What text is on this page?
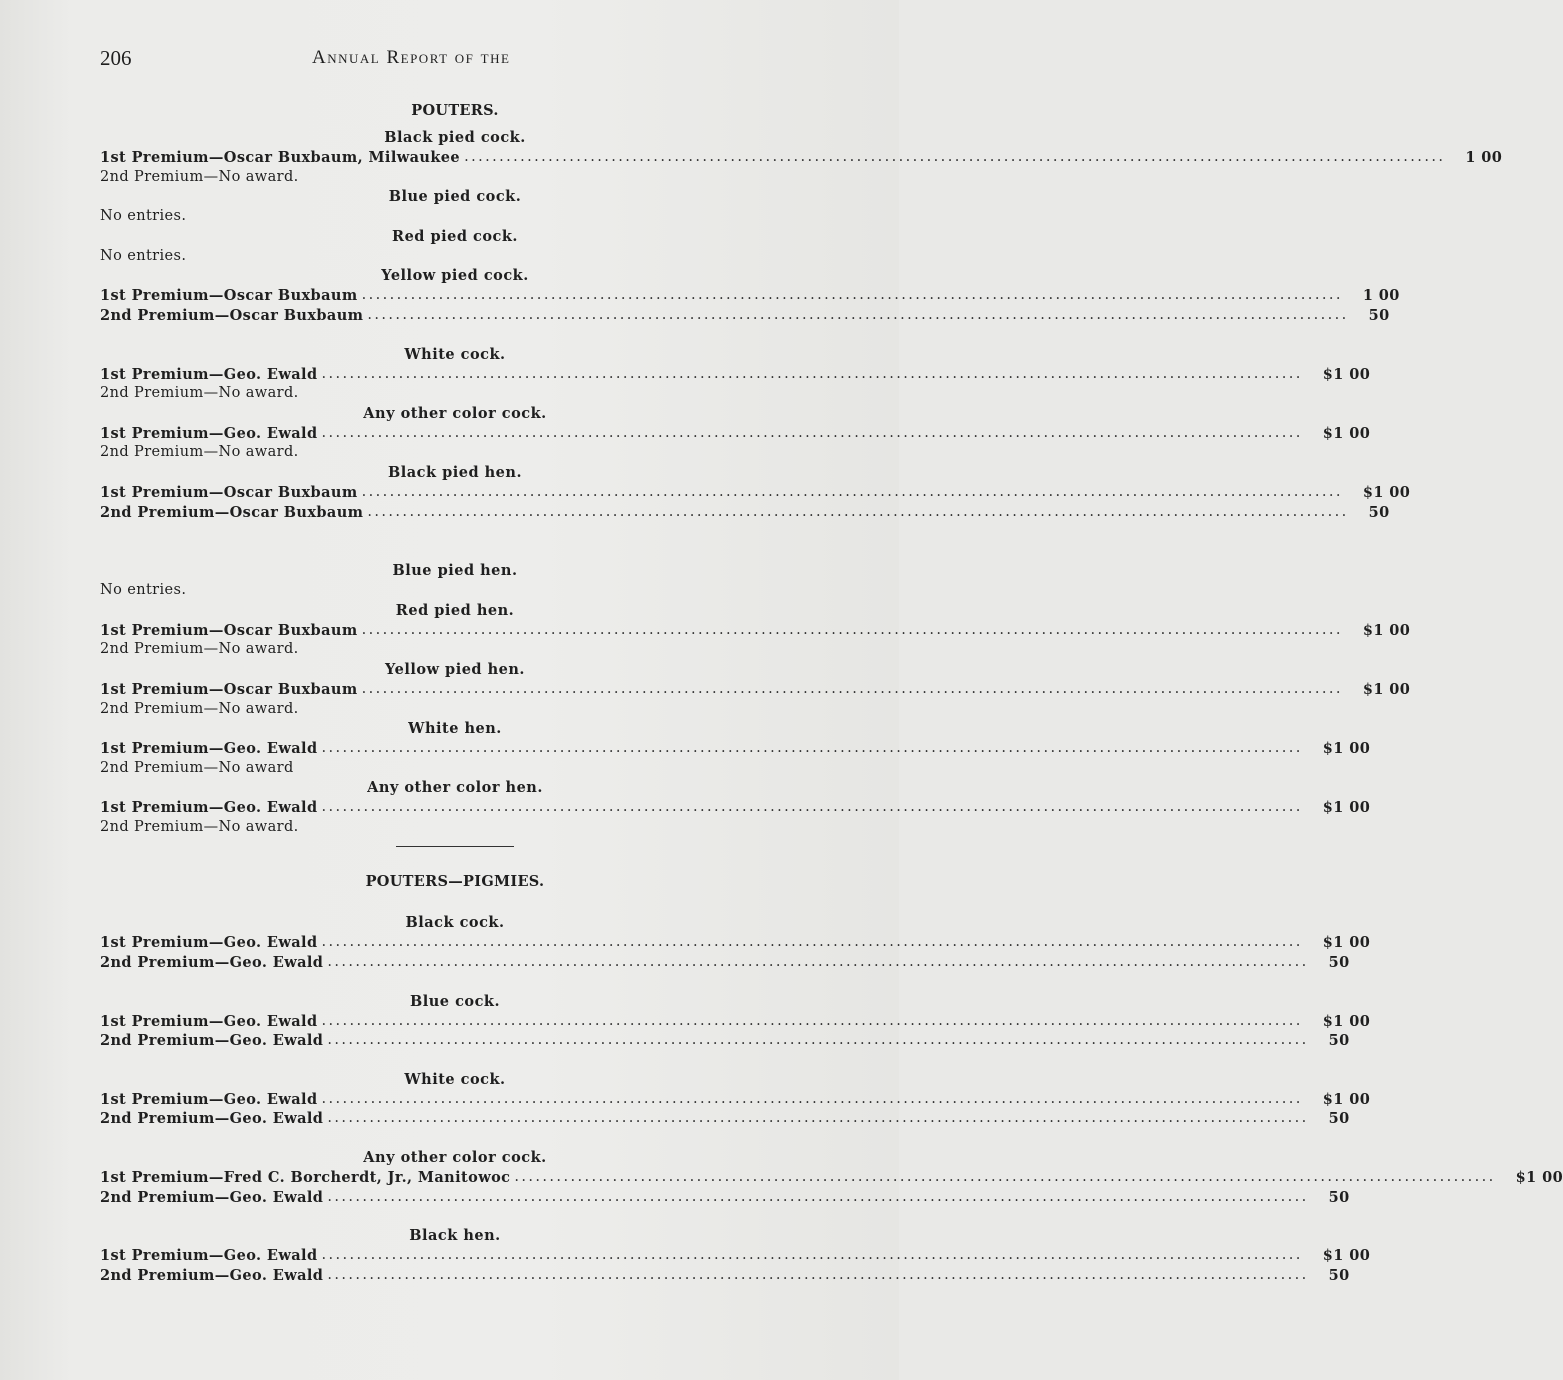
206	Annual Report of the
POUTERS.
Black pied cock.
1st Premium—Oscar Buxbaum, Milwaukee ............................................................................................................................................ 1 00
2nd Premium—No award.
Blue pied cock.
No entries.
Red pied cock.
No entries.
Yellow pied cock.
1st Premium—Oscar Buxbaum ............................................................................................................................................ 1 00
2nd Premium—Oscar Buxbaum ............................................................................................................................................ 50
White cock.
1st Premium—Geo. Ewald ............................................................................................................................................ $1 00
2nd Premium—No award.
Any other color cock.
1st Premium—Geo. Ewald ............................................................................................................................................ $1 00
2nd Premium—No award.
Black pied hen.
1st Premium—Oscar Buxbaum ............................................................................................................................................ $1 00
2nd Premium—Oscar Buxbaum ............................................................................................................................................ 50
Blue pied hen.
No entries.
Red pied hen.
1st Premium—Oscar Buxbaum ............................................................................................................................................ $1 00
2nd Premium—No award.
Yellow pied hen.
1st Premium—Oscar Buxbaum ............................................................................................................................................ $1 00
2nd Premium—No award.
White hen.
1st Premium—Geo. Ewald ............................................................................................................................................ $1 00
2nd Premium—No award
Any other color hen.
1st Premium—Geo. Ewald ............................................................................................................................................ $1 00
2nd Premium—No award.
POUTERS—PIGMIES.
Black cock.
1st Premium—Geo. Ewald ............................................................................................................................................ $1 00
2nd Premium—Geo. Ewald ............................................................................................................................................ 50
Blue cock.
1st Premium—Geo. Ewald ............................................................................................................................................ $1 00
2nd Premium—Geo. Ewald ............................................................................................................................................ 50
White cock.
1st Premium—Geo. Ewald ............................................................................................................................................ $1 00
2nd Premium—Geo. Ewald ............................................................................................................................................ 50
Any other color cock.
1st Premium—Fred C. Borcherdt, Jr., Manitowoc ............................................................................................................................................ $1 00
2nd Premium—Geo. Ewald ............................................................................................................................................ 50
Black hen.
1st Premium—Geo. Ewald ............................................................................................................................................ $1 00
2nd Premium—Geo. Ewald ............................................................................................................................................ 50
